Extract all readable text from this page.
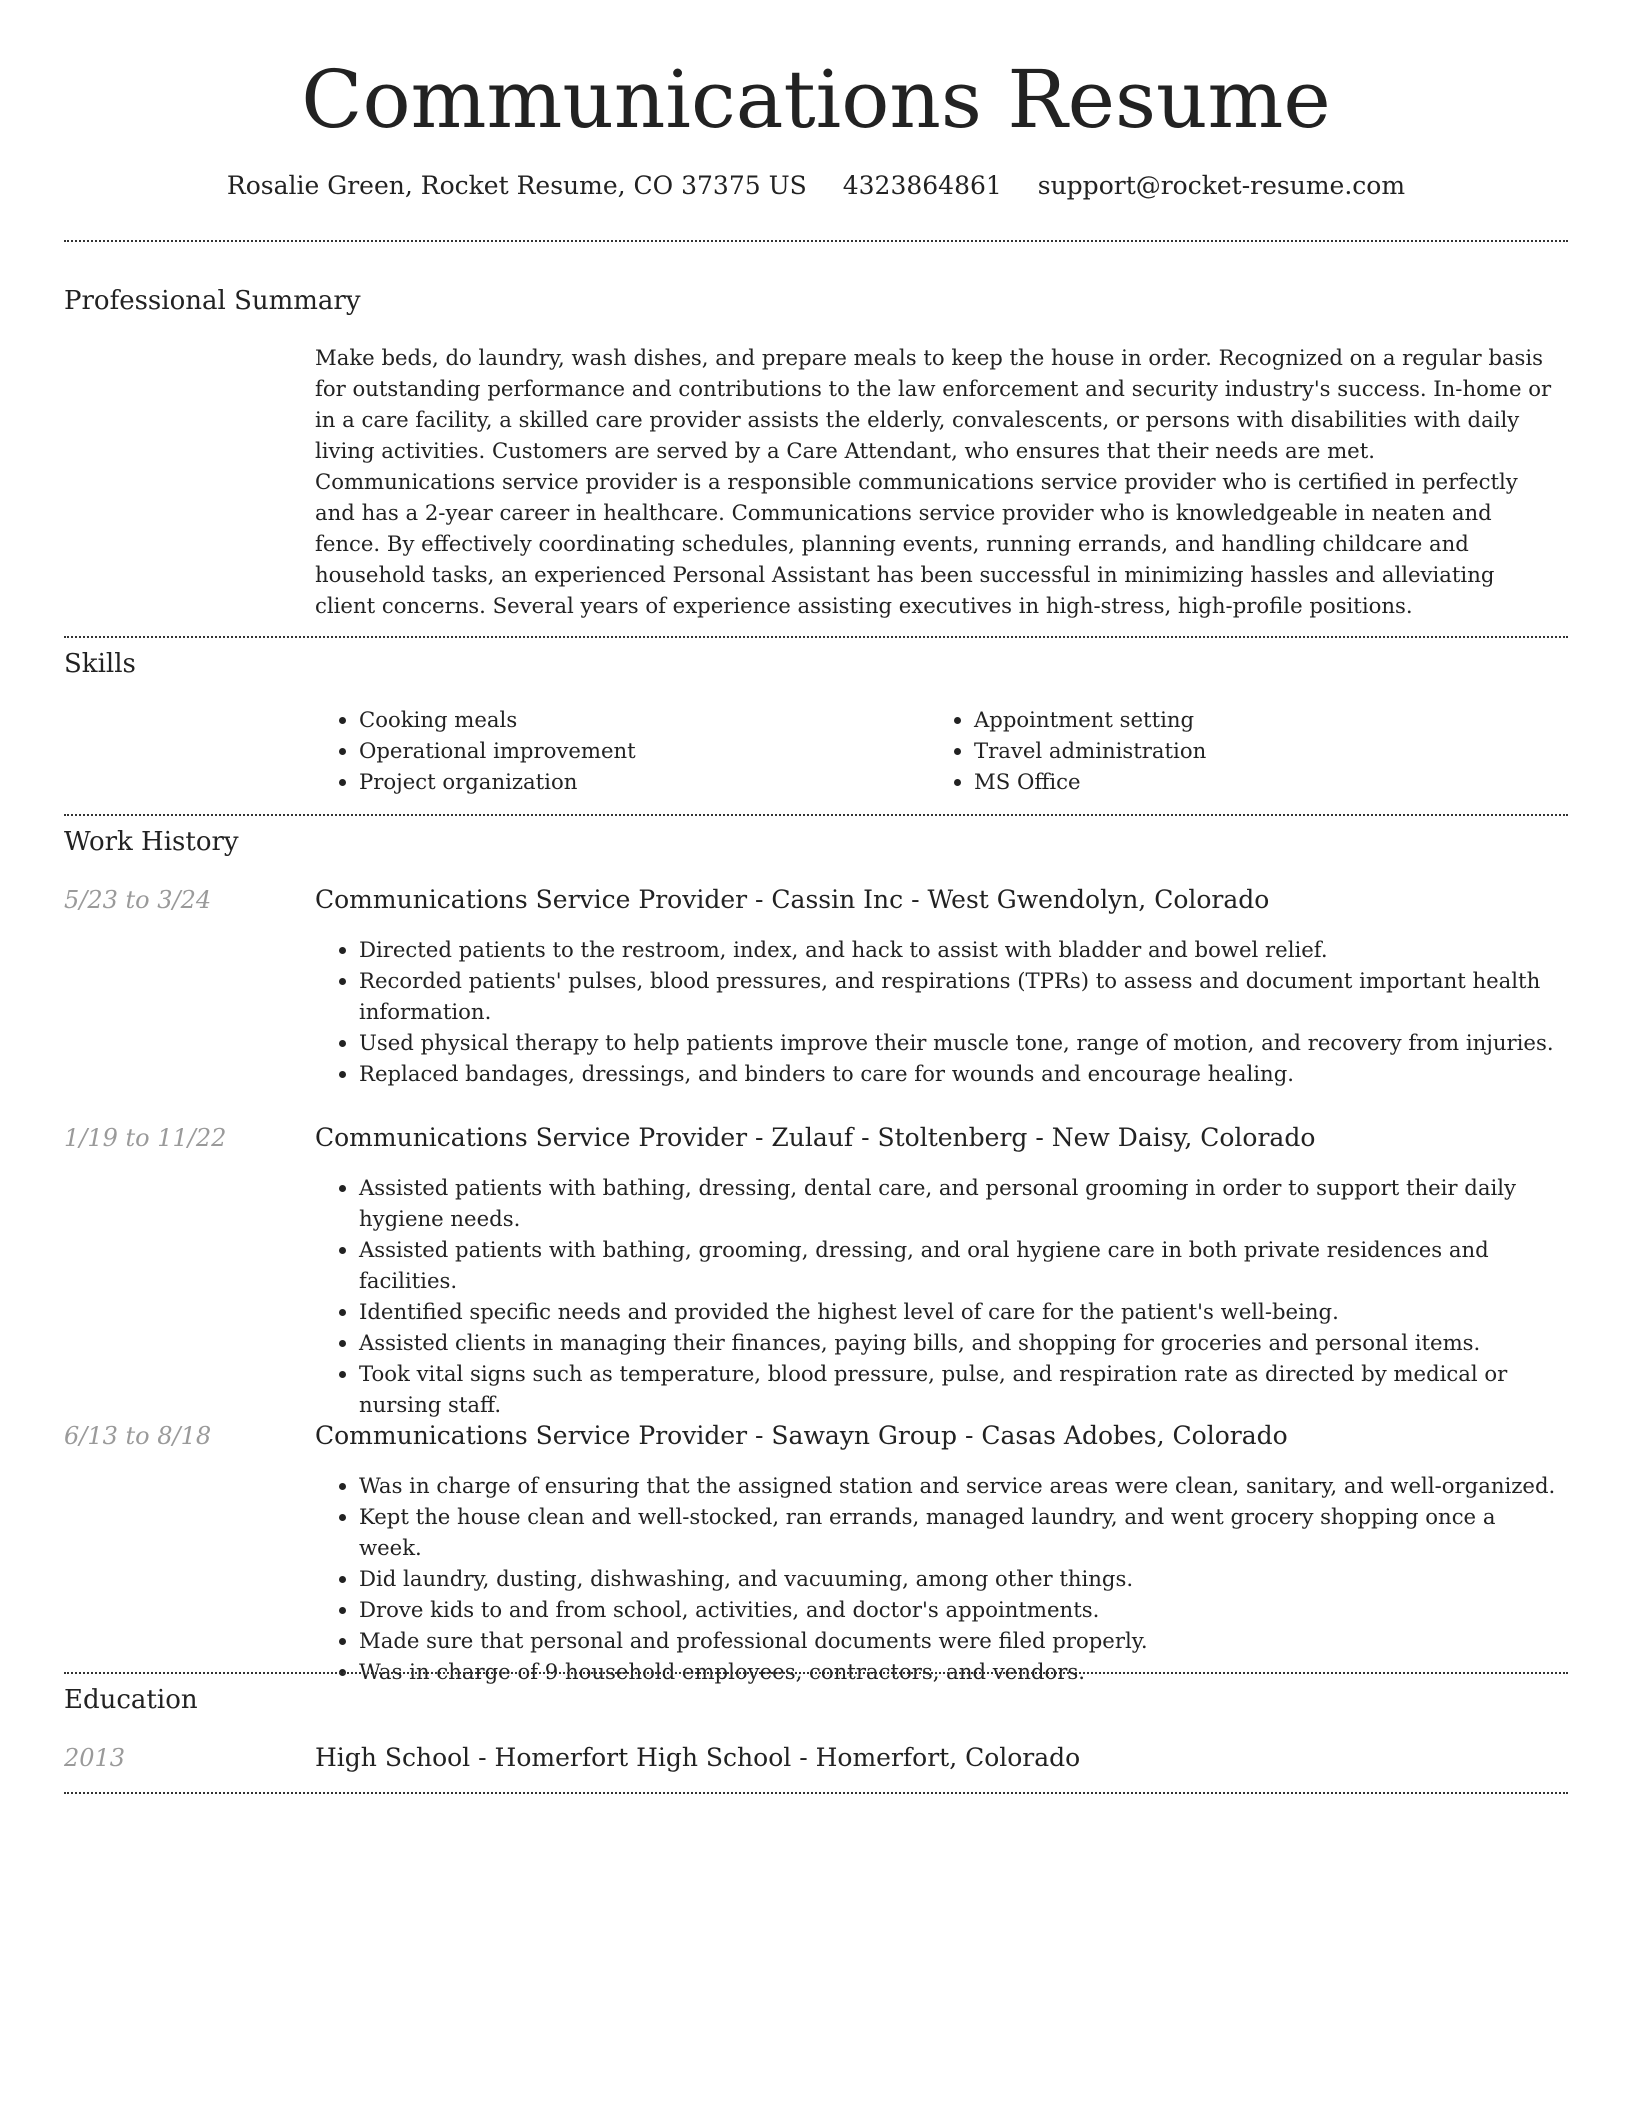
Communications Resume
Rosalie Green, Rocket Resume, CO 37375 US 4323864861 support@rocket-resume.com
Professional Summary

Make beds, do laundry, wash dishes, and prepare meals to keep the house in order. Recognized on a regular basis for outstanding performance and contributions to the law enforcement and security industry's success. In-home or in a care facility, a skilled care provider assists the elderly, convalescents, or persons with disabilities with daily living activities. Customers are served by a Care Attendant, who ensures that their needs are met. Communications service provider is a responsible communications service provider who is certified in perfectly and has a 2-year career in healthcare. Communications service provider who is knowledgeable in neaten and fence. By effectively coordinating schedules, planning events, running errands, and handling childcare and household tasks, an experienced Personal Assistant has been successful in minimizing hassles and alleviating client concerns. Several years of experience assisting executives in high-stress, high-profile positions.

Skills
• Cooking meals
• Operational improvement
• Project organization
• Appointment setting
• Travel administration
• MS Office
Work History
5/23 to 3/24	Communications Service Provider - Cassin Inc - West Gwendolyn, Colorado
• Directed patients to the restroom, index, and hack to assist with bladder and bowel relief.
• Recorded patients' pulses, blood pressures, and respirations (TPRs) to assess and document important health information.
• Used physical therapy to help patients improve their muscle tone, range of motion, and recovery from injuries.
• Replaced bandages, dressings, and binders to care for wounds and encourage healing.
1/19 to 11/22	Communications Service Provider - Zulauf - Stoltenberg - New Daisy, Colorado
• Assisted patients with bathing, dressing, dental care, and personal grooming in order to support their daily hygiene needs.
• Assisted patients with bathing, grooming, dressing, and oral hygiene care in both private residences and facilities.
• Identified specific needs and provided the highest level of care for the patient's well-being.
• Assisted clients in managing their finances, paying bills, and shopping for groceries and personal items.
• Took vital signs such as temperature, blood pressure, pulse, and respiration rate as directed by medical or nursing staff.
6/13 to 8/18	Communications Service Provider - Sawayn Group - Casas Adobes, Colorado
• Was in charge of ensuring that the assigned station and service areas were clean, sanitary, and well-organized.
• Kept the house clean and well-stocked, ran errands, managed laundry, and went grocery shopping once a week.
• Did laundry, dusting, dishwashing, and vacuuming, among other things.
• Drove kids to and from school, activities, and doctor's appointments.
• Made sure that personal and professional documents were filed properly.
• Was in charge of 9 household employees, contractors, and vendors.
Education
2013	High School - Homerfort High School - Homerfort, Colorado
